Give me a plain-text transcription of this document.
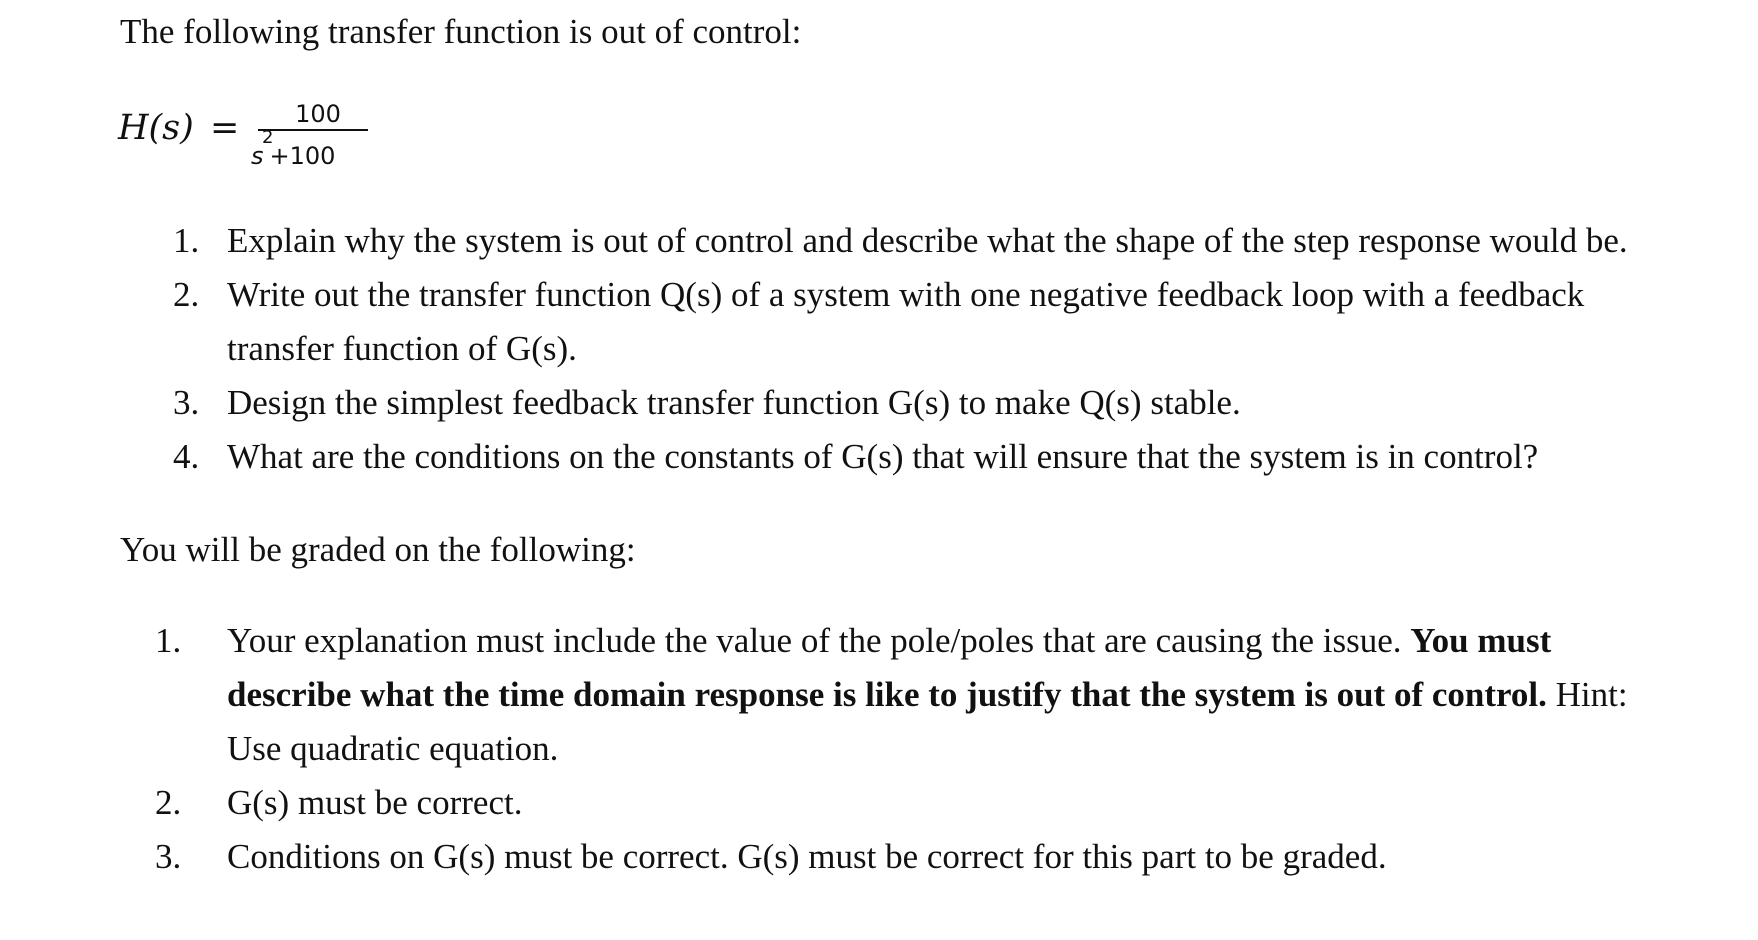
The following transfer function is out of control:
H(s) =	100
s
2
+100
1. Explain why the system is out of control and describe what the shape of the step response would be.
2. Write out the transfer function Q(s) of a system with one negative feedback loop with a feedback transfer function of G(s).
3. Design the simplest feedback transfer function G(s) to make Q(s) stable.
4. What are the conditions on the constants of G(s) that will ensure that the system is in control?
You will be graded on the following:
1. Your explanation must include the value of the pole/poles that are causing the issue. You must describe what the time domain response is like to justify that the system is out of control. Hint: Use quadratic equation.
2. G(s) must be correct.
3. Conditions on G(s) must be correct. G(s) must be correct for this part to be graded.
